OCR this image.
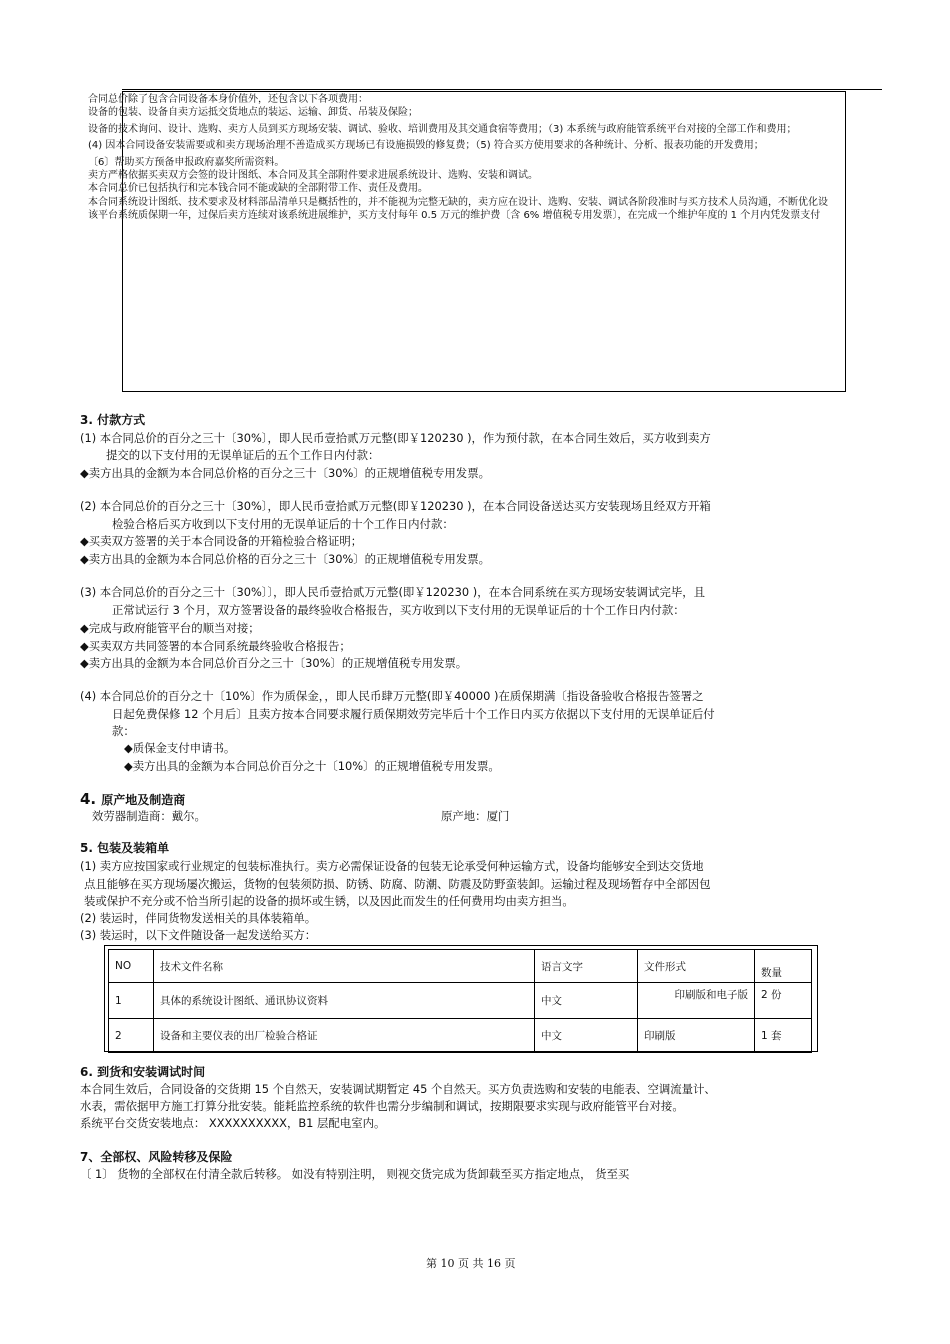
合同总价除了包含合同设备本身价值外，还包含以下各项费用：
设备的包装、设备自卖方运抵交货地点的装运、运输、卸货、吊装及保险；
设备的技术询问、设计、选购、卖方人员到买方现场安装、调试、验收、培训费用及其交通食宿等费用；（3) 本系统与政府能管系统平台对接的全部工作和费用；
(4) 因本合同设备安装需要或和卖方现场治理不善造成买方现场已有设施损毁的修复费；（5) 符合买方使用要求的各种统计、分析、报表功能的开发费用；
〔6〕帮助买方预备申报政府嘉奖所需资料。
卖方严格依据买卖双方会签的设计图纸、本合同及其全部附件要求进展系统设计、选购、安装和调试。
本合同总价已包括执行和完本钱合同不能或缺的全部附带工作、责任及费用。
本合同系统设计图纸、技术要求及材料部品清单只是概括性的，并不能视为完整无缺的，卖方应在设计、选购、安装、调试各阶段准时与买方技术人员沟通，不断优化设
该平台系统质保期一年，过保后卖方连续对该系统进展维护，买方支付每年 0.5 万元的维护费〔含 6% 增值税专用发票〕，在完成一个维护年度的 1 个月内凭发票支付
3. 付款方式
(1) 本合同总价的百分之三十〔30%〕，即人民币壹拾贰万元整(即￥120230 )，作为预付款，在本合同生效后，买方收到卖方
提交的以下支付用的无误单证后的五个工作日内付款：
◆卖方出具的金额为本合同总价格的百分之三十〔30%〕的正规增值税专用发票。
(2) 本合同总价的百分之三十〔30%〕，即人民币壹拾贰万元整(即￥120230 )，在本合同设备送达买方安装现场且经双方开箱
检验合格后买方收到以下支付用的无误单证后的十个工作日内付款：
◆买卖双方签署的关于本合同设备的开箱检验合格证明；
◆卖方出具的金额为本合同总价格的百分之三十〔30%〕的正规增值税专用发票。
(3) 本合同总价的百分之三十〔30%〕〕，即人民币壹拾贰万元整(即￥120230 )，在本合同系统在买方现场安装调试完毕，且
正常试运行 3 个月，双方签署设备的最终验收合格报告，买方收到以下支付用的无误单证后的十个工作日内付款：
◆完成与政府能管平台的顺当对接；
◆买卖双方共同签署的本合同系统最终验收合格报告；
◆卖方出具的金额为本合同总价百分之三十〔30%〕的正规增值税专用发票。
(4) 本合同总价的百分之十〔10%〕作为质保金，，即人民币肆万元整(即￥40000 )在质保期满〔指设备验收合格报告签署之
日起免费保修 12 个月后〕且卖方按本合同要求履行质保期效劳完毕后十个工作日内买方依据以下支付用的无误单证后付
款：
◆质保金支付申请书。
◆卖方出具的金额为本合同总价百分之十〔10%〕的正规增值税专用发票。
4. 原产地及制造商
效劳器制造商：戴尔。	原产地：厦门
5. 包装及装箱单
(1) 卖方应按国家或行业规定的包装标准执行。卖方必需保证设备的包装无论承受何种运输方式，设备均能够安全到达交货地
点且能够在买方现场屡次搬运，货物的包装须防损、防锈、防腐、防潮、防震及防野蛮装卸。运输过程及现场暂存中全部因包
装或保护不充分或不恰当所引起的设备的损坏或生锈，以及因此而发生的任何费用均由卖方担当。
(2) 装运时，伴同货物发送相关的具体装箱单。
(3) 装运时，以下文件随设备一起发送给买方：
NO	技术文件名称	语言文字	文件形式	数量
1	具体的系统设计图纸、通讯协议资料	中文	印刷版和电子版	2 份
2	设备和主要仪表的出厂检验合格证	中文	印刷版	1 套
6. 到货和安装调试时间
本合同生效后，合同设备的交货期 15 个自然天，安装调试期暂定 45 个自然天。买方负责选购和安装的电能表、空调流量计、
水表，需依据甲方施工打算分批安装。能耗监控系统的软件也需分步编制和调试，按期限要求实现与政府能管平台对接。
系统平台交货安装地点： XXXXXXXXXX，B1 层配电室内。
7、全部权、风险转移及保险
〔 1〕 货物的全部权在付清全款后转移。 如没有特别注明， 则视交货完成为货卸载至买方指定地点， 货至买
第 10 页 共 16 页
